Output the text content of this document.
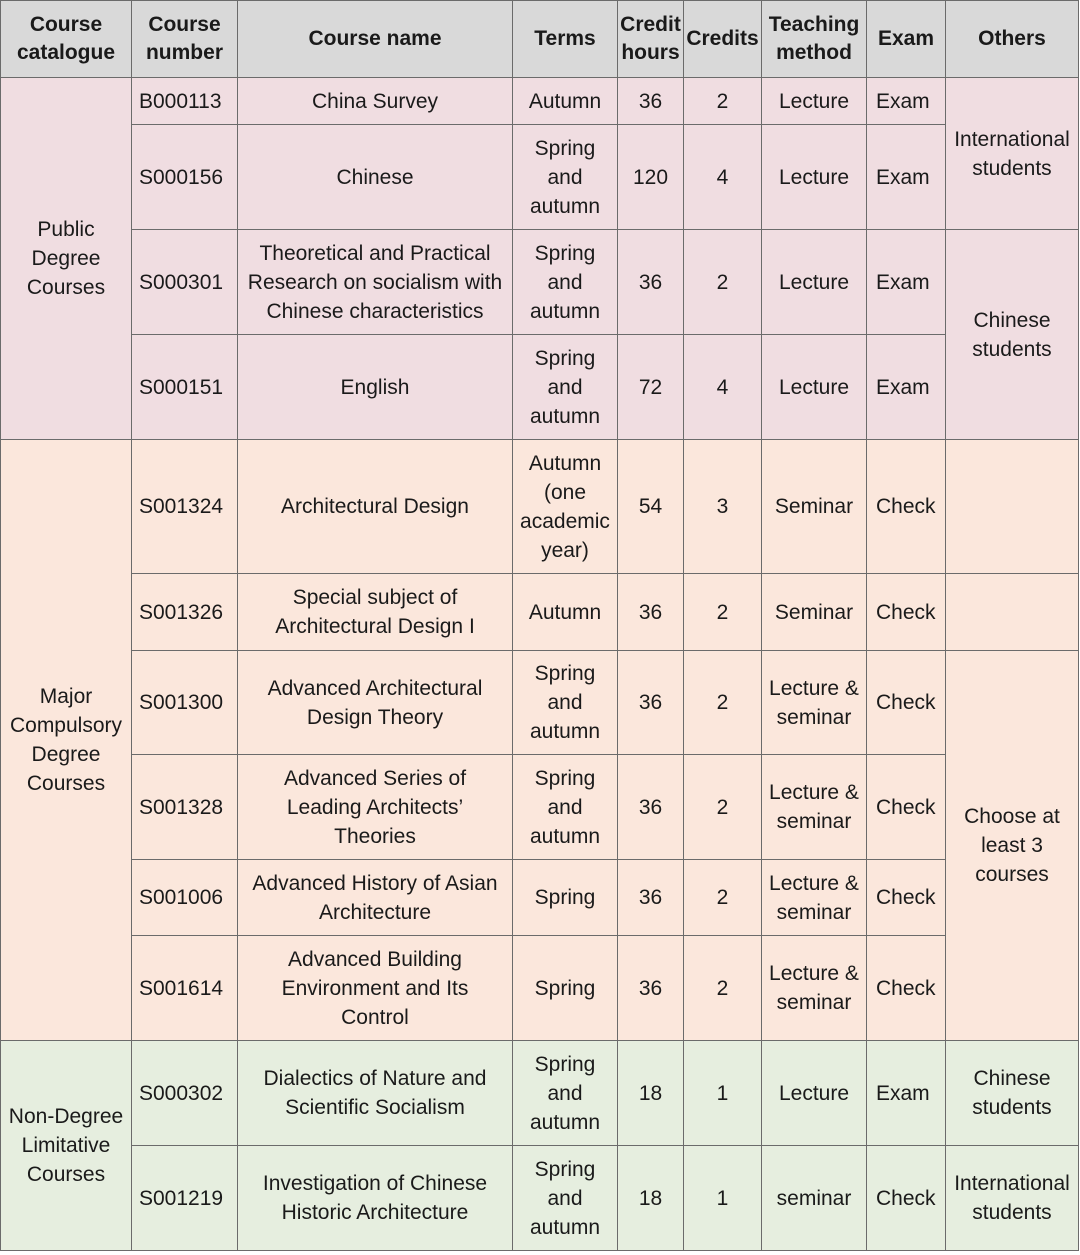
Course
catalogue	Course
number	Course name	Terms	Credit
hours	Credits	Teaching
method	Exam	Others
Public
Degree
Courses	B000113	China Survey	Autumn	36	2	Lecture	Exam	International
students
	S000156	Chinese	Spring
and
autumn	120	4	Lecture	Exam	
	S000301	Theoretical and Practical
Research on socialism with
Chinese characteristics	Spring
and
autumn	36	2	Lecture	Exam	Chinese
students
	S000151	English	Spring
and
autumn	72	4	Lecture	Exam	
Major
Compulsory
Degree
Courses	S001324	Architectural Design	Autumn
(one
academic
year)	54	3	Seminar	Check	
	S001326	Special subject of
Architectural Design I	Autumn	36	2	Seminar	Check	
	S001300	Advanced Architectural
Design Theory	Spring
and
autumn	36	2	Lecture &
seminar	Check	Choose at
least 3
courses
	S001328	Advanced Series of
Leading Architects’
Theories	Spring
and
autumn	36	2	Lecture &
seminar	Check	
	S001006	Advanced History of Asian
Architecture	Spring	36	2	Lecture &
seminar	Check	
	S001614	Advanced Building
Environment and Its
Control	Spring	36	2	Lecture &
seminar	Check	
Non-Degree
Limitative
Courses	S000302	Dialectics of Nature and
Scientific Socialism	Spring
and
autumn	18	1	Lecture	Exam	Chinese
students
	S001219	Investigation of Chinese
Historic Architecture	Spring
and
autumn	18	1	seminar	Check	International
students
